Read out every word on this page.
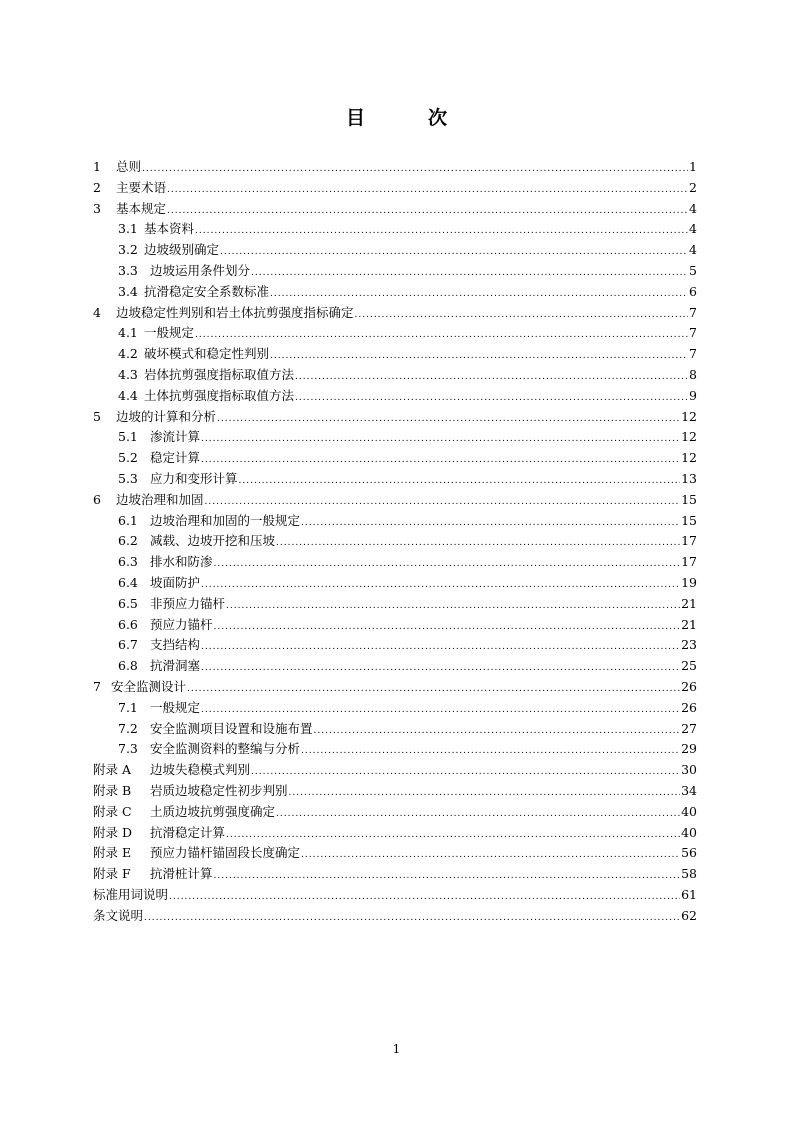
目　次
1	总则 .....	1
2	主要术语 .....	2
3	基本规定 .....	4
3.1 基本资料 .....	4
3.2 边坡级别确定 .....	4
3.3 边坡运用条件划分 .....	5
3.4 抗滑稳定安全系数标准 .....	6
4	边坡稳定性判别和岩土体抗剪强度指标确定 .....	7
4.1 一般规定 .....	7
4.2 破坏模式和稳定性判别 .....	7
4.3 岩体抗剪强度指标取值方法 .....	8
4.4 土体抗剪强度指标取值方法 .....	9
5	边坡的计算和分析 .....	12
5.1 渗流计算 .....	12
5.2 稳定计算 .....	12
5.3 应力和变形计算 .....	13
6	边坡治理和加固 .....	15
6.1 边坡治理和加固的一般规定 .....	15
6.2 减载、边坡开挖和压坡 .....	17
6.3 排水和防渗 .....	17
6.4 坡面防护 .....	19
6.5 非预应力锚杆 .....	21
6.6 预应力锚杆 .....	21
6.7 支挡结构 .....	23
6.8 抗滑洞塞 .....	25
7 安全监测设计 .....	26
7.1 一般规定 .....	26
7.2 安全监测项目设置和设施布置 .....	27
7.3 安全监测资料的整编与分析 .....	29
附录 A	边坡失稳模式判别 .....	30
附录 B	岩质边坡稳定性初步判别 .....	34
附录 C	土质边坡抗剪强度确定 .....	40
附录 D	抗滑稳定计算 .....	40
附录 E	预应力锚杆锚固段长度确定 .....	56
附录 F	抗滑桩计算 .....	58
标准用词说明 .....	61
条文说明 .....	62
1
